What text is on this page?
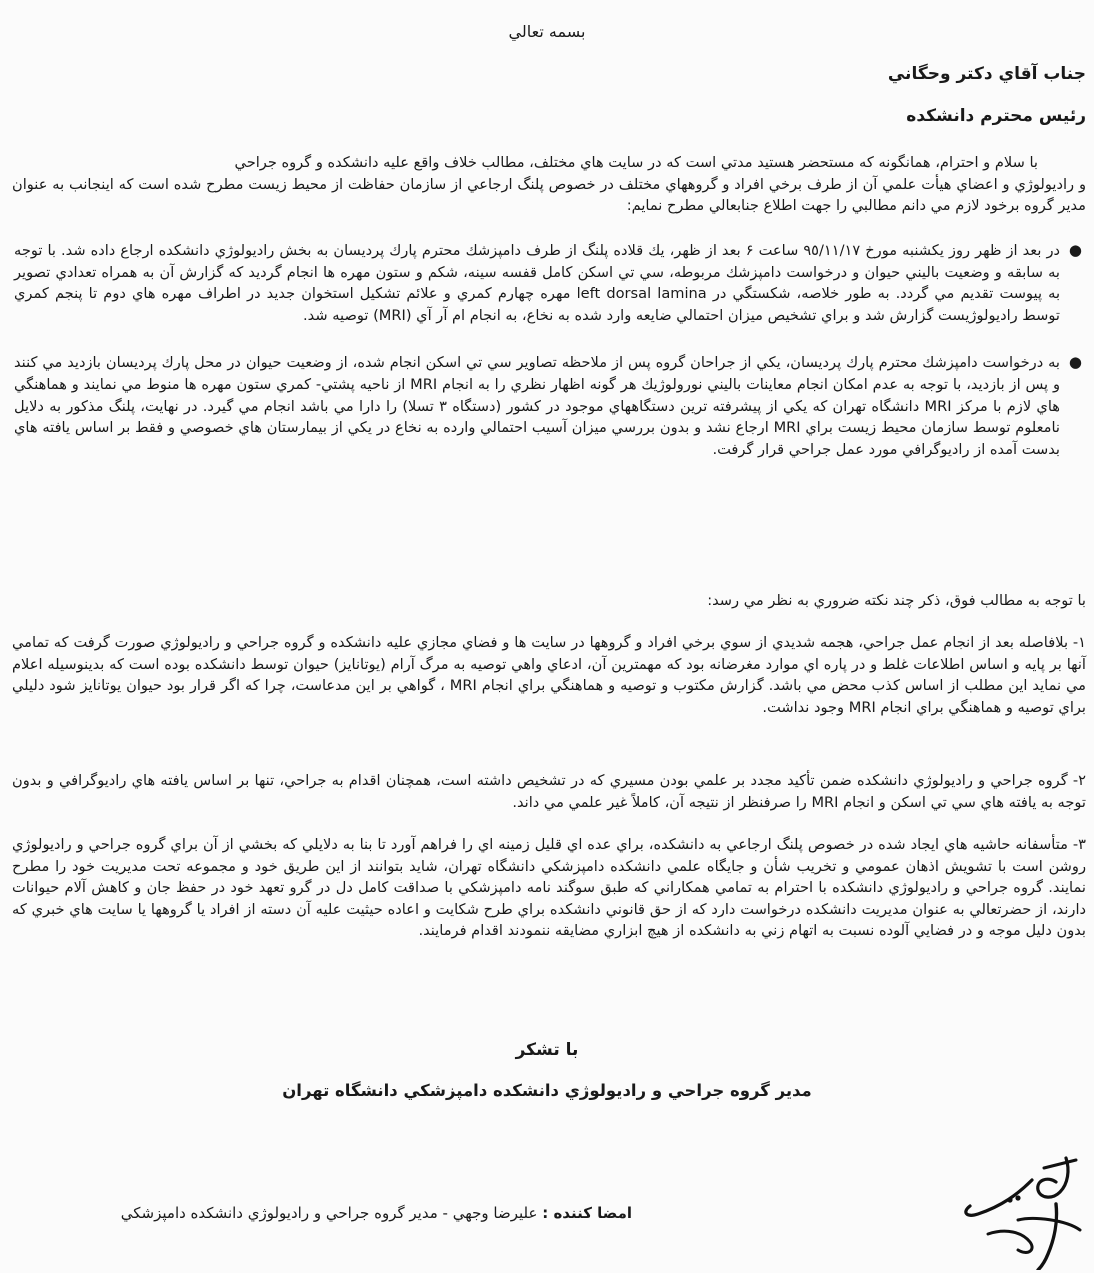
بسمه تعالي
جناب آقاي دكتر وحگاني
رئيس محترم دانشكده
با سلام و احترام، همانگونه كه مستحضر هستيد مدتي است كه در سايت هاي مختلف، مطالب خلاف واقع عليه دانشكده و گروه جراحي
و راديولوژي و اعضاي هيأت علمي آن از طرف برخي افراد و گروههاي مختلف در خصوص پلنگ ارجاعي از سازمان حفاظت از محيط زيست مطرح شده است كه اينجانب به عنوان مدير گروه برخود لازم مي دانم مطالبي را جهت اطلاع جنابعالي مطرح نمايم:
●
در بعد از ظهر روز يكشنبه مورخ ٩٥/١١/١٧ ساعت ۶ بعد از ظهر، يك قلاده پلنگ از طرف دامپزشك محترم پارك پرديسان به بخش راديولوژي دانشكده ارجاع داده شد. با توجه به سابقه و وضعيت باليني حيوان و درخواست دامپزشك مربوطه، سي تي اسكن كامل قفسه سينه، شكم و ستون مهره ها انجام گرديد كه گزارش آن به همراه تعدادي تصوير به پيوست تقديم مي گردد. به طور خلاصه، شكستگي در left dorsal lamina مهره چهارم كمري و علائم تشكيل استخوان جديد در اطراف مهره هاي دوم تا پنجم كمري توسط راديولوژيست گزارش شد و براي تشخيص ميزان احتمالي ضايعه وارد شده به نخاع، به انجام ام آر آي (MRI) توصيه شد.
●
به درخواست دامپزشك محترم پارك پرديسان، يكي از جراحان گروه پس از ملاحظه تصاوير سي تي اسكن انجام شده، از وضعيت حيوان در محل پارك پرديسان بازديد مي كنند و پس از بازديد، با توجه به عدم امكان انجام معاينات باليني نورولوژيك هر گونه اظهار نظري را به انجام MRI از ناحيه پشتي- كمري ستون مهره ها منوط مي نمايند و هماهنگي هاي لازم با مركز MRI دانشگاه تهران كه يكي از پيشرفته ترين دستگاههاي موجود در كشور (دستگاه ٣ تسلا) را دارا مي باشد انجام مي گيرد. در نهايت، پلنگ مذكور به دلايل نامعلوم توسط سازمان محيط زيست براي MRI ارجاع نشد و بدون بررسي ميزان آسيب احتمالي وارده به نخاع در يكي از بيمارستان هاي خصوصي و فقط بر اساس يافته هاي بدست آمده از راديوگرافي مورد عمل جراحي قرار گرفت.
با توجه به مطالب فوق، ذكر چند نكته ضروري به نظر مي رسد:
١- بلافاصله بعد از انجام عمل جراحي، هجمه شديدي از سوي برخي افراد و گروهها در سايت ها و فضاي مجازي عليه دانشكده و گروه جراحي و راديولوژي صورت گرفت كه تمامي آنها بر پايه و اساس اطلاعات غلط و در پاره اي موارد مغرضانه بود كه مهمترين آن، ادعاي واهي توصيه به مرگ آرام (يوتانايز) حيوان توسط دانشكده بوده است كه بدينوسيله اعلام مي نمايد اين مطلب از اساس كذب محض مي باشد. گزارش مكتوب و توصيه و هماهنگي براي انجام MRI ، گواهي بر اين مدعاست، چرا كه اگر قرار بود حيوان يوتانايز شود دليلي براي توصيه و هماهنگي براي انجام MRI وجود نداشت.
٢- گروه جراحي و راديولوژي دانشكده ضمن تأكيد مجدد بر علمي بودن مسيري كه در تشخيص داشته است، همچنان اقدام به جراحي، تنها بر اساس يافته هاي راديوگرافي و بدون توجه به يافته هاي سي تي اسكن و انجام MRI را صرفنظر از نتيجه آن، كاملاً غير علمي مي داند.
٣- متأسفانه حاشيه هاي ايجاد شده در خصوص پلنگ ارجاعي به دانشكده، براي عده اي قليل زمينه اي را فراهم آورد تا بنا به دلايلي كه بخشي از آن براي گروه جراحي و راديولوژي روشن است با تشويش اذهان عمومي و تخريب شأن و جايگاه علمي دانشكده دامپزشكي دانشگاه تهران، شايد بتوانند از اين طريق خود و مجموعه تحت مديريت خود را مطرح نمايند. گروه جراحي و راديولوژي دانشكده با احترام به تمامي همكاراني كه طبق سوگند نامه دامپزشكي با صداقت كامل دل در گرو تعهد خود در حفظ جان و كاهش آلام حيوانات دارند، از حضرتعالي به عنوان مديريت دانشكده درخواست دارد كه از حق قانوني دانشكده براي طرح شكايت و اعاده حيثيت عليه آن دسته از افراد يا گروهها يا سايت هاي خبري كه بدون دليل موجه و در فضايي آلوده نسبت به اتهام زني به دانشكده از هيچ ابزاري مضايقه ننمودند اقدام فرمايند.
با تشكر
مدير گروه جراحي و راديولوژي دانشكده دامپزشكي دانشگاه تهران
امضا كننده : عليرضا وجهي - مدير گروه جراحي و راديولوژي دانشكده دامپزشكي
